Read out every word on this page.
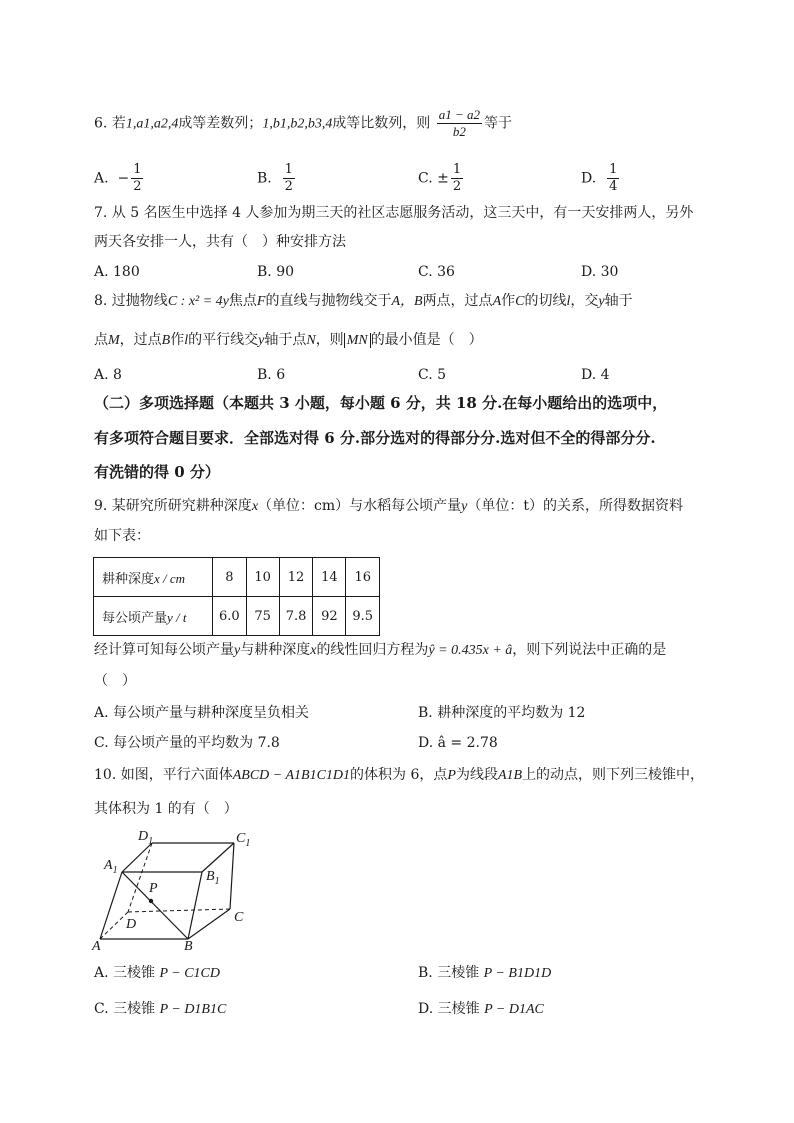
6. 若1,a1,a2,4成等差数列；1,b1,b2,b3,4成等比数列，则 $\frac{a1 - a2}{b2}$ 等于
A. − $\frac{1}{2}$	B. $\frac{1}{2}$	C. ± $\frac{1}{2}$	D. $\frac{1}{4}$
7. 从 5 名医生中选择 4 人参加为期三天的社区志愿服务活动，这三天中，有一天安排两人，另外
两天各安排一人，共有（　）种安排方法
A. 180	B. 90	C. 36	D. 30
8. 过抛物线C : x² = 4y焦点F的直线与抛物线交于A，B两点，过点A作C的切线l，交y轴于
点M，过点B作l的平行线交y轴于点N，则 MN 的最小值是（　）
A. 8	B. 6	C. 5	D. 4
（二）多项选择题（本题共 3 小题，每小题 6 分，共 18 分.在每小题给出的选项中，
有多项符合题目要求．全部选对得 6 分.部分选对的得部分分.选对但不全的得部分分.
有洗错的得 0 分）
9. 某研究所研究耕种深度x（单位：cm）与水稻每公顷产量y（单位：t）的关系，所得数据资料
如下表：
耕种深度x / cm	8	10	12	14	16
每公顷产量y / t	6.0	75	7.8	92	9.5
经计算可知每公顷产量y与耕种深度x的线性回归方程为ŷ = 0.435x + â，则下列说法中正确的是
（　）
A. 每公顷产量与耕种深度呈负相关	B. 耕种深度的平均数为 12
C. 每公顷产量的平均数为 7.8	D. â = 2.78
10. 如图，平行六面体ABCD − A1B1C1D1的体积为 6，点P为线段A1B上的动点，则下列三棱锥中，
其体积为 1 的有（　）
A	B
C
D
$A_1$	$B_1$
$C_1$
$D_1$
P
A. 三棱锥 P − C1CD	B. 三棱锥 P − B1D1D
C. 三棱锥 P − D1B1C	D. 三棱锥 P − D1AC
